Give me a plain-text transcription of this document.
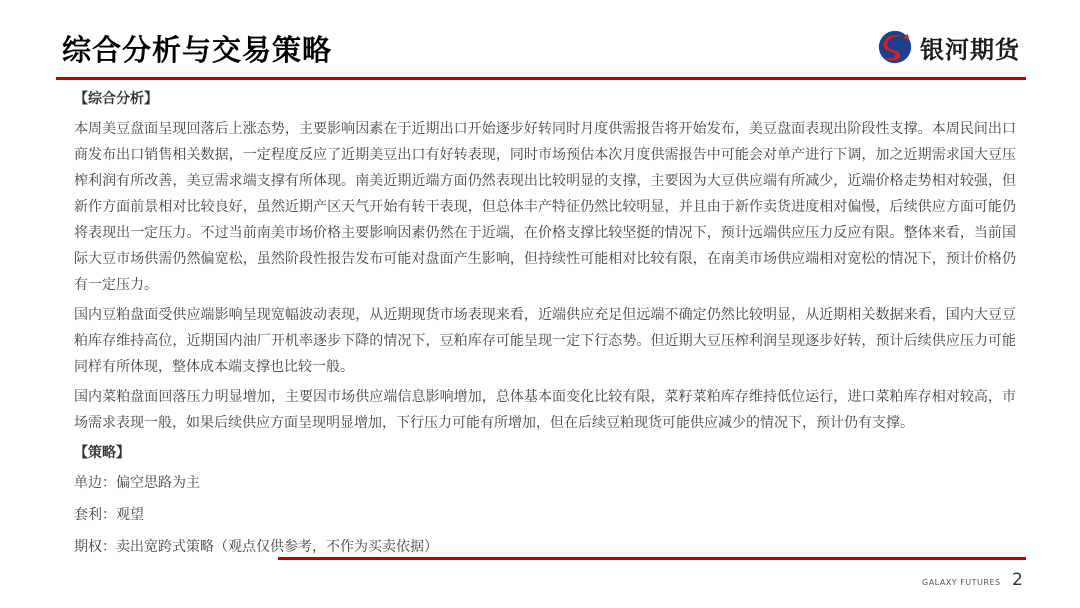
综合分析与交易策略	银河期货
【综合分析】

本周美豆盘面呈现回落后上涨态势，主要影响因素在于近期出口开始逐步好转同时月度供需报告将开始发布，美豆盘面表现出阶段性支撑。本周民间出口商发布出口销售相关数据，一定程度反应了近期美豆出口有好转表现，同时市场预估本次月度供需报告中可能会对单产进行下调，加之近期需求国大豆压榨利润有所改善，美豆需求端支撑有所体现。南美近期近端方面仍然表现出比较明显的支撑，主要因为大豆供应端有所减少，近端价格走势相对较强，但新作方面前景相对比较良好，虽然近期产区天气开始有转干表现，但总体丰产特征仍然比较明显，并且由于新作卖货进度相对偏慢，后续供应方面可能仍将表现出一定压力。不过当前南美市场价格主要影响因素仍然在于近端，在价格支撑比较坚挺的情况下，预计远端供应压力反应有限。整体来看，当前国际大豆市场供需仍然偏宽松，虽然阶段性报告发布可能对盘面产生影响，但持续性可能相对比较有限，在南美市场供应端相对宽松的情况下，预计价格仍有一定压力。

国内豆粕盘面受供应端影响呈现宽幅波动表现，从近期现货市场表现来看，近端供应充足但远端不确定仍然比较明显，从近期相关数据来看，国内大豆豆粕库存维持高位，近期国内油厂开机率逐步下降的情况下，豆粕库存可能呈现一定下行态势。但近期大豆压榨利润呈现逐步好转，预计后续供应压力可能同样有所体现，整体成本端支撑也比较一般。

国内菜粕盘面回落压力明显增加，主要因市场供应端信息影响增加，总体基本面变化比较有限，菜籽菜粕库存维持低位运行，进口菜粕库存相对较高，市场需求表现一般，如果后续供应方面呈现明显增加，下行压力可能有所增加，但在后续豆粕现货可能供应减少的情况下，预计仍有支撑。

【策略】
单边：偏空思路为主
套利：观望
期权：卖出宽跨式策略（观点仅供参考，不作为买卖依据）
GALAXY FUTURES 2
